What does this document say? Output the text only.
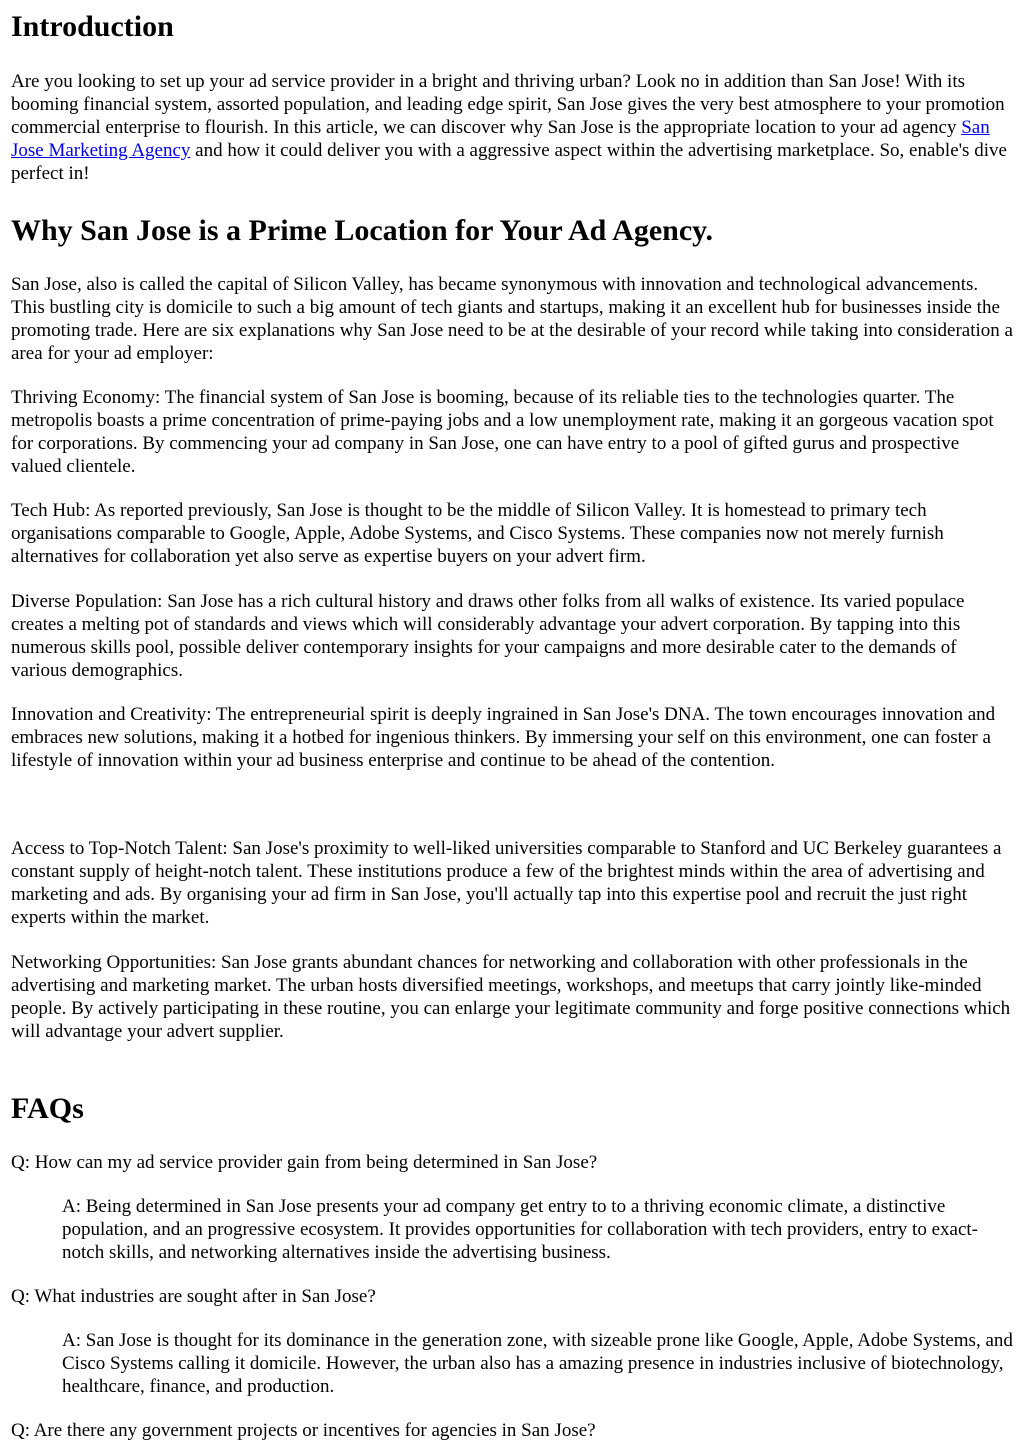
Introduction

Are you looking to set up your ad service provider in a bright and thriving urban? Look no in addition than San Jose! With its booming financial system, assorted population, and leading edge spirit, San Jose gives the very best atmosphere to your promotion commercial enterprise to flourish. In this article, we can discover why San Jose is the appropriate location to your ad agency San Jose Marketing Agency and how it could deliver you with a aggressive aspect within the advertising marketplace. So, enable's dive perfect in!

Why San Jose is a Prime Location for Your Ad Agency.

San Jose, also is called the capital of Silicon Valley, has became synonymous with innovation and technological advancements. This bustling city is domicile to such a big amount of tech giants and startups, making it an excellent hub for businesses inside the promoting trade. Here are six explanations why San Jose need to be at the desirable of your record while taking into consideration a area for your ad employer:

Thriving Economy: The financial system of San Jose is booming, because of its reliable ties to the technologies quarter. The metropolis boasts a prime concentration of prime-paying jobs and a low unemployment rate, making it an gorgeous vacation spot for corporations. By commencing your ad company in San Jose, one can have entry to a pool of gifted gurus and prospective valued clientele.

Tech Hub: As reported previously, San Jose is thought to be the middle of Silicon Valley. It is homestead to primary tech organisations comparable to Google, Apple, Adobe Systems, and Cisco Systems. These companies now not merely furnish alternatives for collaboration yet also serve as expertise buyers on your advert firm.

Diverse Population: San Jose has a rich cultural history and draws other folks from all walks of existence. Its varied populace creates a melting pot of standards and views which will considerably advantage your advert corporation. By tapping into this numerous skills pool, possible deliver contemporary insights for your campaigns and more desirable cater to the demands of various demographics.

Innovation and Creativity: The entrepreneurial spirit is deeply ingrained in San Jose's DNA. The town encourages innovation and embraces new solutions, making it a hotbed for ingenious thinkers. By immersing your self on this environment, one can foster a lifestyle of innovation within your ad business enterprise and continue to be ahead of the contention.

Access to Top-Notch Talent: San Jose's proximity to well-liked universities comparable to Stanford and UC Berkeley guarantees a constant supply of height-notch talent. These institutions produce a few of the brightest minds within the area of advertising and marketing and ads. By organising your ad firm in San Jose, you'll actually tap into this expertise pool and recruit the just right experts within the market.

Networking Opportunities: San Jose grants abundant chances for networking and collaboration with other professionals in the advertising and marketing market. The urban hosts diversified meetings, workshops, and meetups that carry jointly like-minded people. By actively participating in these routine, you can enlarge your legitimate community and forge positive connections which will advantage your advert supplier.

FAQs

Q: How can my ad service provider gain from being determined in San Jose?

A: Being determined in San Jose presents your ad company get entry to to a thriving economic climate, a distinctive population, and an progressive ecosystem. It provides opportunities for collaboration with tech providers, entry to exact-notch skills, and networking alternatives inside the advertising business.

Q: What industries are sought after in San Jose?

A: San Jose is thought for its dominance in the generation zone, with sizeable prone like Google, Apple, Adobe Systems, and Cisco Systems calling it domicile. However, the urban also has a amazing presence in industries inclusive of biotechnology, healthcare, finance, and production.

Q: Are there any government projects or incentives for agencies in San Jose?
